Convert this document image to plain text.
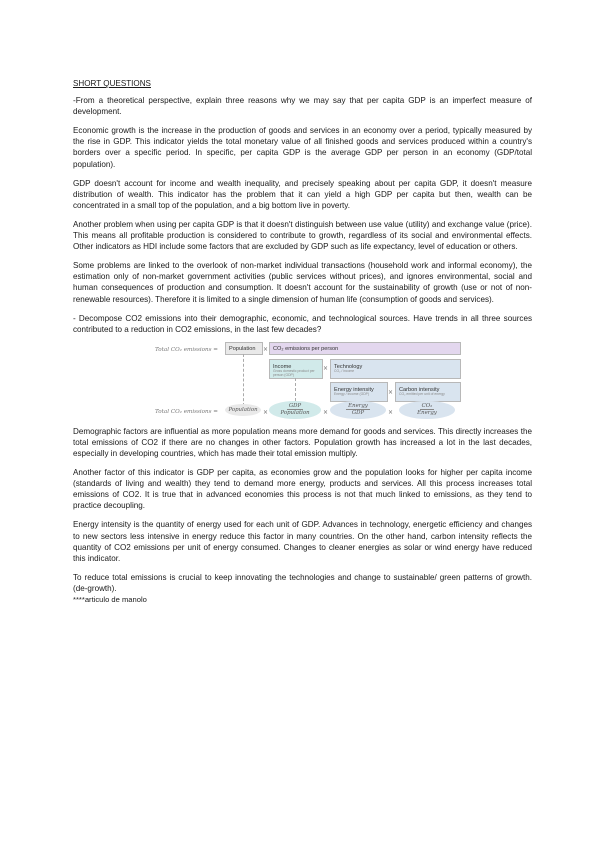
SHORT QUESTIONS

-From a theoretical perspective, explain three reasons why we may say that per capita GDP is an imperfect measure of development.

Economic growth is the increase in the production of goods and services in an economy over a period, typically measured by the rise in GDP. This indicator yields the total monetary value of all finished goods and services produced within a country's borders over a specific period. In specific, per capita GDP is the average GDP per person in an economy (GDP/total population).

GDP doesn't account for income and wealth inequality, and precisely speaking about per capita GDP, it doesn't measure distribution of wealth. This indicator has the problem that it can yield a high GDP per capita but then, wealth can be concentrated in a small top of the population, and a big bottom live in poverty.

Another problem when using per capita GDP is that it doesn't distinguish between use value (utility) and exchange value (price). This means all profitable production is considered to contribute to growth, regardless of its social and environmental effects. Other indicators as HDI include some factors that are excluded by GDP such as life expectancy, level of education or others.

Some problems are linked to the overlook of non-market individual transactions (household work and informal economy), the estimation only of non-market government activities (public services without prices), and ignores environmental, social and human consequences of production and consumption. It doesn't account for the sustainability of growth (use or not of non-renewable resources). Therefore it is limited to a single dimension of human life (consumption of goods and services).

- Decompose CO2 emissions into their demographic, economic, and technological sources. Have trends in all three sources contributed to a reduction in CO2 emissions, in the last few decades?

Total CO₂ emissions = Population × CO₂ emissions per person
Income
Gross domestic product per person (GDP)
× Technology
CO₂ / income
Energy intensity
Energy / income (GDP)	× Carbon intensity
CO₂ emitted per unit of energy
Total CO₂ emissions = Population ×
GDP
Population ×
Energy
GDP	×
CO₂
Energy

Demographic factors are influential as more population means more demand for goods and services. This directly increases the total emissions of CO2 if there are no changes in other factors. Population growth has increased a lot in the last decades, especially in developing countries, which has made their total emission multiply.

Another factor of this indicator is GDP per capita, as economies grow and the population looks for higher per capita income (standards of living and wealth) they tend to demand more energy, products and services. All this process increases total emissions of CO2. It is true that in advanced economies this process is not that much linked to emissions, as they tend to practice decoupling.

Energy intensity is the quantity of energy used for each unit of GDP. Advances in technology, energetic efficiency and changes to new sectors less intensive in energy reduce this factor in many countries. On the other hand, carbon intensity reflects the quantity of CO2 emissions per unit of energy consumed. Changes to cleaner energies as solar or wind energy have reduced this indicator.

To reduce total emissions is crucial to keep innovating the technologies and change to sustainable/ green patterns of growth. (de-growth).

****articulo de manolo
